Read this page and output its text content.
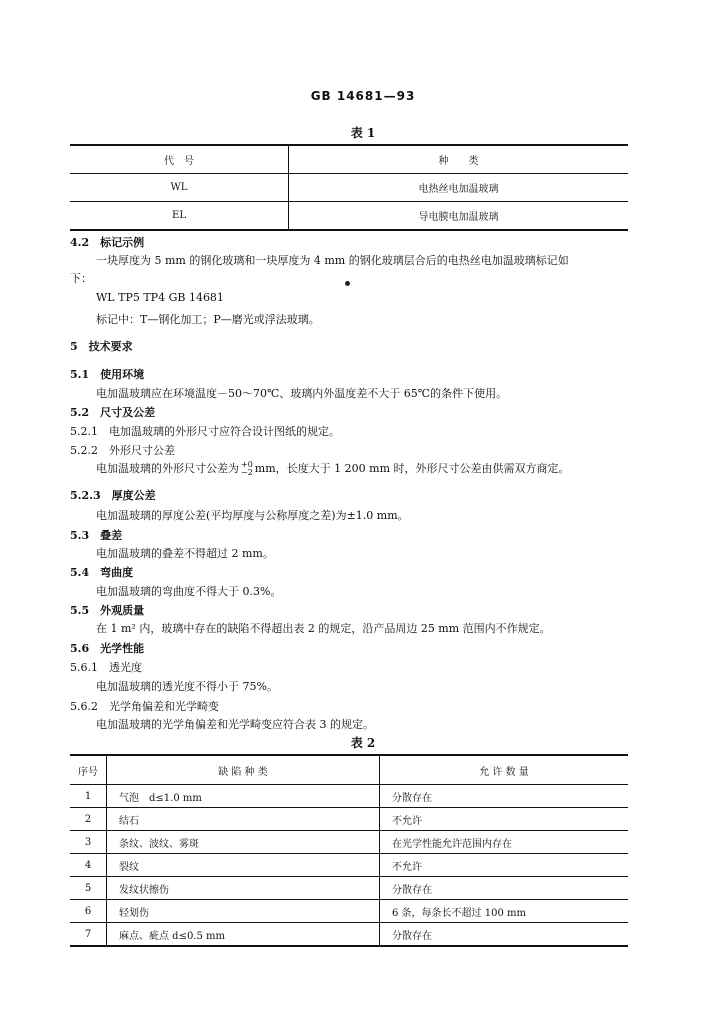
GB 14681—93
表 1
代　号	种　　类
WL	电热丝电加温玻璃
EL	导电膜电加温玻璃
4.2　标记示例
一块厚度为 5 mm 的钢化玻璃和一块厚度为 4 mm 的钢化玻璃层合后的电热丝电加温玻璃标记如
下：
WL TP5 TP4 GB 14681
标记中：T—钢化加工；P—磨光或浮法玻璃。
5　技术要求
5.1　使用环境
电加温玻璃应在环境温度－50～70℃、玻璃内外温度差不大于 65℃的条件下使用。
5.2　尺寸及公差
5.2.1　电加温玻璃的外形尺寸应符合设计图纸的规定。
5.2.2　外形尺寸公差
电加温玻璃的外形尺寸公差为 +0
−2 mm，长度大于 1 200 mm 时，外形尺寸公差由供需双方商定。
5.2.3　厚度公差
电加温玻璃的厚度公差(平均厚度与公称厚度之差)为±1.0 mm。
5.3　叠差
电加温玻璃的叠差不得超过 2 mm。
5.4　弯曲度
电加温玻璃的弯曲度不得大于 0.3%。
5.5　外观质量
在 1 m² 内，玻璃中存在的缺陷不得超出表 2 的规定，沿产品周边 25 mm 范围内不作规定。
5.6　光学性能
5.6.1　透光度
电加温玻璃的透光度不得小于 75%。
5.6.2　光学角偏差和光学畸变
电加温玻璃的光学角偏差和光学畸变应符合表 3 的规定。
表 2
序号	缺 陷 种 类	允 许 数 量
1	气泡　d≤1.0 mm	分散存在
2	结石	不允许
3	条纹、波纹、雾斑	在光学性能允许范围内存在
4	裂纹	不允许
5	发纹状擦伤	分散存在
6	轻划伤	6 条，每条长不超过 100 mm
7	麻点、疵点 d≤0.5 mm	分散存在
